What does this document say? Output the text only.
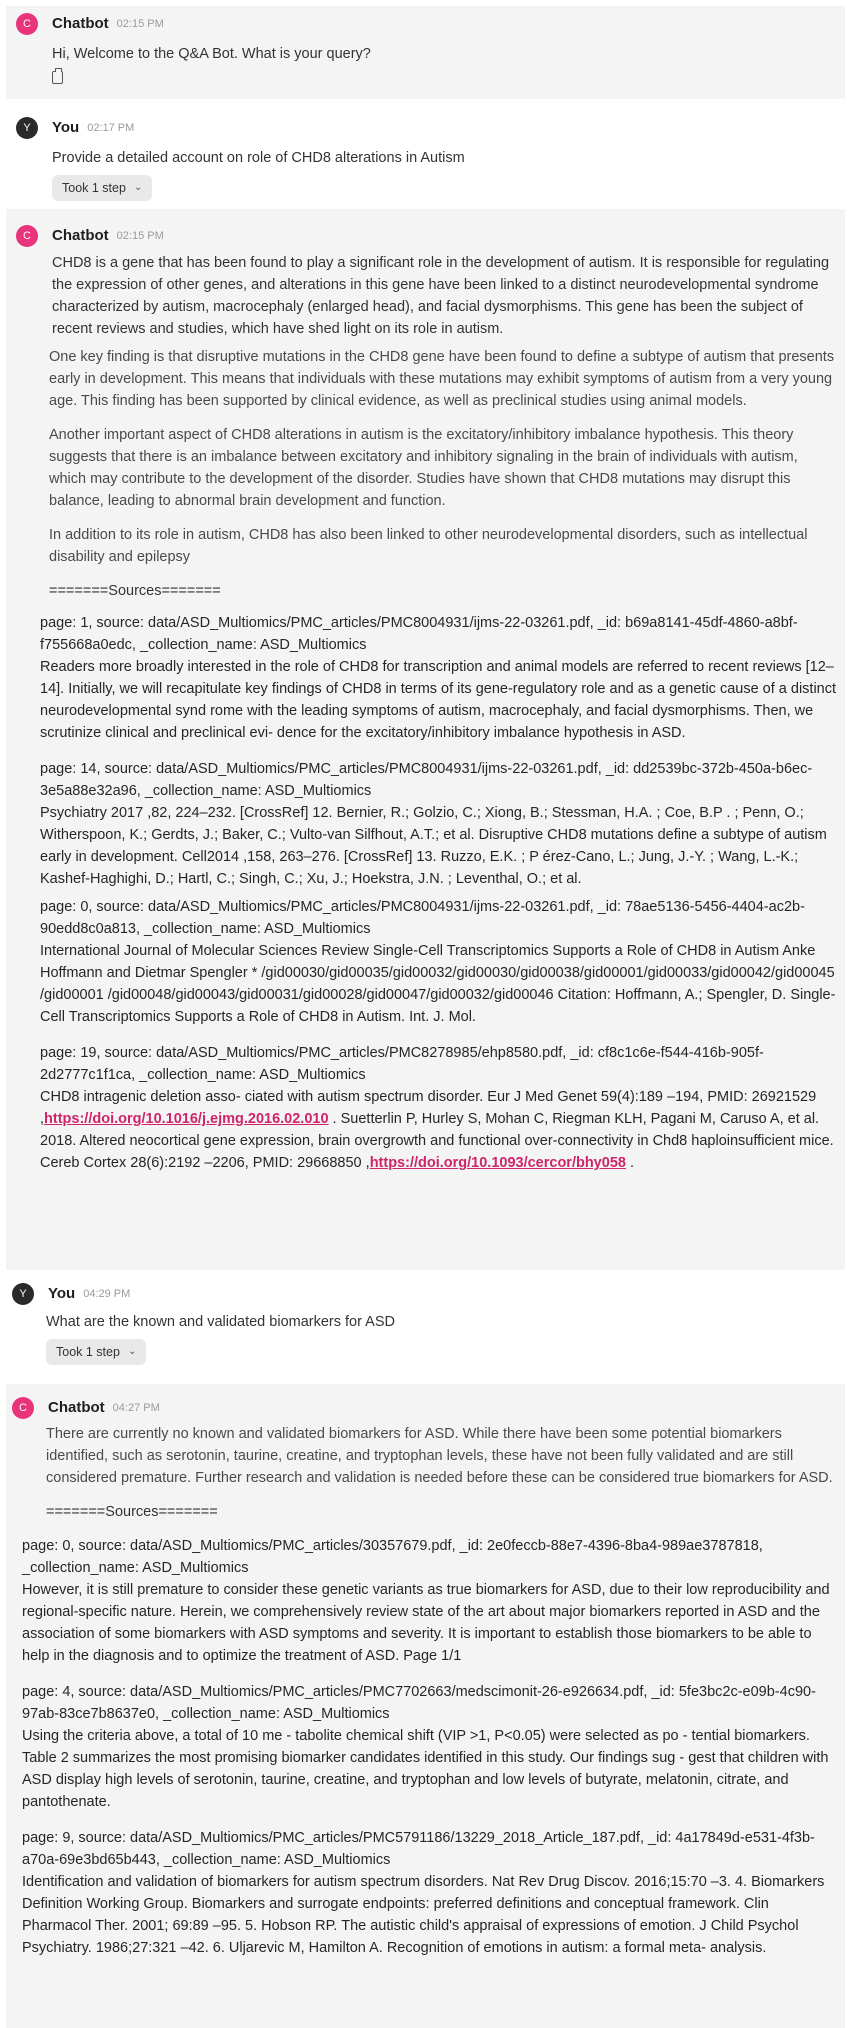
C	Chatbot 02:15 PM

Hi, Welcome to the Q&A Bot. What is your query?

Y	You 02:17 PM

Provide a detailed account on role of CHD8 alterations in Autism

Took 1 step ⌄
C	Chatbot 02:15 PM

CHD8 is a gene that has been found to play a significant role in the development of autism. It is responsible for regulating the expression of other genes, and alterations in this gene have been linked to a distinct neurodevelopmental syndrome characterized by autism, macrocephaly (enlarged head), and facial dysmorphisms. This gene has been the subject of recent reviews and studies, which have shed light on its role in autism.

One key finding is that disruptive mutations in the CHD8 gene have been found to define a subtype of autism that presents early in development. This means that individuals with these mutations may exhibit symptoms of autism from a very young age. This finding has been supported by clinical evidence, as well as preclinical studies using animal models.

Another important aspect of CHD8 alterations in autism is the excitatory/inhibitory imbalance hypothesis. This theory suggests that there is an imbalance between excitatory and inhibitory signaling in the brain of individuals with autism, which may contribute to the development of the disorder. Studies have shown that CHD8 mutations may disrupt this balance, leading to abnormal brain development and function.

In addition to its role in autism, CHD8 has also been linked to other neurodevelopmental disorders, such as intellectual disability and epilepsy

=======Sources=======

page: 1, source: data/ASD_Multiomics/PMC_articles/PMC8004931/ijms-22-03261.pdf, _id: b69a8141-45df-4860-a8bf-f755668a0edc, _collection_name: ASD_Multiomics

Readers more broadly interested in the role of CHD8 for transcription and animal models are referred to recent reviews [12–14]. Initially, we will recapitulate key findings of CHD8 in terms of its gene-regulatory role and as a genetic cause of a distinct neurodevelopmental synd rome with the leading symptoms of autism, macrocephaly, and facial dysmorphisms. Then, we scrutinize clinical and preclinical evi- dence for the excitatory/inhibitory imbalance hypothesis in ASD.

page: 14, source: data/ASD_Multiomics/PMC_articles/PMC8004931/ijms-22-03261.pdf, _id: dd2539bc-372b-450a-b6ec-3e5a88e32a96, _collection_name: ASD_Multiomics

Psychiatry 2017 ,82, 224–232. [CrossRef] 12. Bernier, R.; Golzio, C.; Xiong, B.; Stessman, H.A. ; Coe, B.P . ; Penn, O.; Witherspoon, K.; Gerdts, J.; Baker, C.; Vulto-van Silfhout, A.T.; et al. Disruptive CHD8 mutations define a subtype of autism early in development. Cell2014 ,158, 263–276. [CrossRef] 13. Ruzzo, E.K. ; P érez-Cano, L.; Jung, J.-Y. ; Wang, L.-K.; Kashef-Haghighi, D.; Hartl, C.; Singh, C.; Xu, J.; Hoekstra, J.N. ; Leventhal, O.; et al.

page: 0, source: data/ASD_Multiomics/PMC_articles/PMC8004931/ijms-22-03261.pdf, _id: 78ae5136-5456-4404-ac2b-90edd8c0a813, _collection_name: ASD_Multiomics

International Journal of Molecular Sciences Review Single-Cell Transcriptomics Supports a Role of CHD8 in Autism Anke Hoffmann and Dietmar Spengler * /gid00030/gid00035/gid00032/gid00030/gid00038/gid00001/gid00033/gid00042/gid00045 /gid00001 /gid00048/gid00043/gid00031/gid00028/gid00047/gid00032/gid00046 Citation: Hoffmann, A.; Spengler, D. Single-Cell Transcriptomics Supports a Role of CHD8 in Autism. Int. J. Mol.

page: 19, source: data/ASD_Multiomics/PMC_articles/PMC8278985/ehp8580.pdf, _id: cf8c1c6e-f544-416b-905f-2d2777c1f1ca, _collection_name: ASD_Multiomics

CHD8 intragenic deletion asso- ciated with autism spectrum disorder. Eur J Med Genet 59(4):189 –194, PMID: 26921529 ,https://doi.org/10.1016/j.ejmg.2016.02.010 . Suetterlin P, Hurley S, Mohan C, Riegman KLH, Pagani M, Caruso A, et al. 2018. Altered neocortical gene expression, brain overgrowth and functional over-connectivity in Chd8 haploinsufficient mice. Cereb Cortex 28(6):2192 –2206, PMID: 29668850 ,https://doi.org/10.1093/cercor/bhy058 .

Y	You 04:29 PM

What are the known and validated biomarkers for ASD

Took 1 step ⌄
C	Chatbot 04:27 PM

There are currently no known and validated biomarkers for ASD. While there have been some potential biomarkers identified, such as serotonin, taurine, creatine, and tryptophan levels, these have not been fully validated and are still considered premature. Further research and validation is needed before these can be considered true biomarkers for ASD.

=======Sources=======

page: 0, source: data/ASD_Multiomics/PMC_articles/30357679.pdf, _id: 2e0feccb-88e7-4396-8ba4-989ae3787818, _collection_name: ASD_Multiomics

However, it is still premature to consider these genetic variants as true biomarkers for ASD, due to their low reproducibility and regional-specific nature. Herein, we comprehensively review state of the art about major biomarkers reported in ASD and the association of some biomarkers with ASD symptoms and severity. It is important to establish those biomarkers to be able to help in the diagnosis and to optimize the treatment of ASD. Page 1/1

page: 4, source: data/ASD_Multiomics/PMC_articles/PMC7702663/medscimonit-26-e926634.pdf, _id: 5fe3bc2c-e09b-4c90-97ab-83ce7b8637e0, _collection_name: ASD_Multiomics

Using the criteria above, a total of 10 me - tabolite chemical shift (VIP >1, P<0.05) were selected as po - tential biomarkers. Table 2 summarizes the most promising biomarker candidates identified in this study. Our findings sug - gest that children with ASD display high levels of serotonin, taurine, creatine, and tryptophan and low levels of butyrate, melatonin, citrate, and pantothenate.

page: 9, source: data/ASD_Multiomics/PMC_articles/PMC5791186/13229_2018_Article_187.pdf, _id: 4a17849d-e531-4f3b-a70a-69e3bd65b443, _collection_name: ASD_Multiomics

Identification and validation of biomarkers for autism spectrum disorders. Nat Rev Drug Discov. 2016;15:70 –3. 4. Biomarkers Definition Working Group. Biomarkers and surrogate endpoints: preferred definitions and conceptual framework. Clin Pharmacol Ther. 2001; 69:89 –95. 5. Hobson RP. The autistic child's appraisal of expressions of emotion. J Child Psychol Psychiatry. 1986;27:321 –42. 6. Uljarevic M, Hamilton A. Recognition of emotions in autism: a formal meta- analysis.
